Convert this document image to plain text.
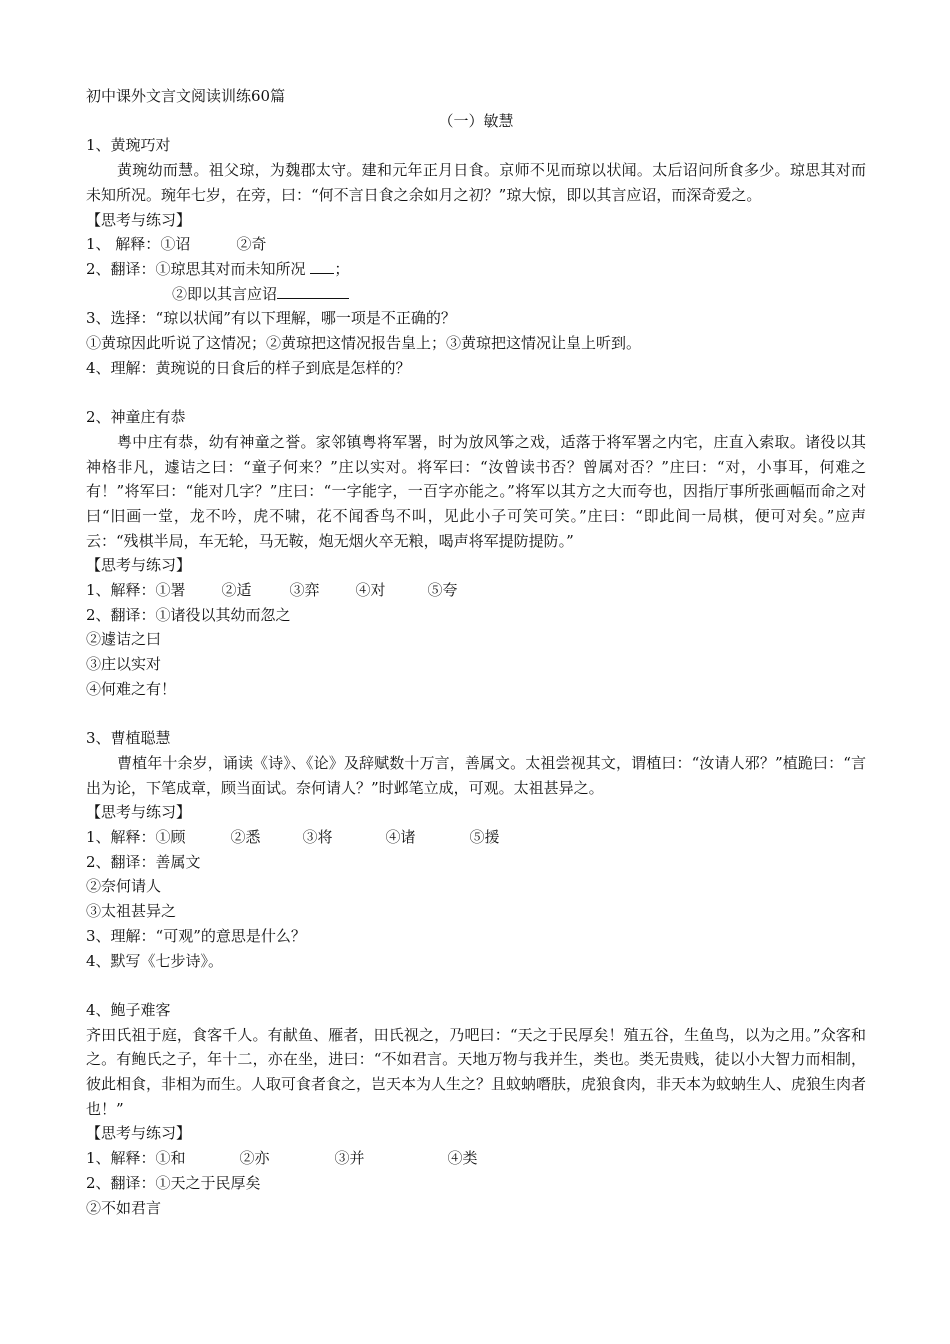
初中课外文言文阅读训练60篇
（一）敏慧
1、黄琬巧对
黄琬幼而慧。祖父琼，为魏郡太守。建和元年正月日食。京师不见而琼以状闻。太后诏问所食多少。琼思其对而未知所况。琬年七岁，在旁，曰：“何不言日食之余如月之初？”琼大惊，即以其言应诏，而深奇爱之。
【思考与练习】
1、 解释：①诏	②奇
2、翻译：①琼思其对而未知所况 ；
②即以其言应诏
3、选择：“琼以状闻”有以下理解，哪一项是不正确的？
①黄琼因此听说了这情况；②黄琼把这情况报告皇上；③黄琼把这情况让皇上听到。
4、理解：黄琬说的日食后的样子到底是怎样的？
2、神童庄有恭
粤中庄有恭，幼有神童之誉。家邻镇粤将军署，时为放风筝之戏，适落于将军署之内宅，庄直入索取。诸役以其神格非凡，遽诘之曰：“童子何来？”庄以实对。将军曰：“汝曾读书否？曾属对否？”庄曰：“对，小事耳，何难之有！”将军曰：“能对几字？”庄曰：“一字能字，一百字亦能之。”将军以其方之大而夸也，因指厅事所张画幅而命之对曰“旧画一堂，龙不吟，虎不啸，花不闻香鸟不叫，见此小子可笑可笑。”庄曰：“即此间一局棋，便可对矣。”应声云：“残棋半局，车无轮，马无鞍，炮无烟火卒无粮，喝声将军提防提防。”
【思考与练习】
1、解释：①署 ②适	③弈 ④对	⑤夸
2、翻译：①诸役以其幼而忽之
②遽诘之曰
③庄以实对
④何难之有！
3、曹植聪慧
曹植年十余岁，诵读《诗》、《论》及辞赋数十万言，善属文。太祖尝视其文，谓植曰：“汝请人邪？”植跪曰：“言出为论，下笔成章，顾当面试。奈何请人？”时邺笔立成，可观。太祖甚异之。
【思考与练习】
1、解释：①顾	②悉	③将	④诸	⑤援
2、翻译：善属文
②奈何请人
③太祖甚异之
3、理解：“可观”的意思是什么？
4、默写《七步诗》。
4、鲍子难客
齐田氏祖于庭，食客千人。有献鱼、雁者，田氏视之，乃吧曰：“天之于民厚矣！殖五谷，生鱼鸟，以为之用。”众客和之。有鲍氏之子，年十二，亦在坐，进曰：“不如君言。天地万物与我并生，类也。类无贵贱，徒以小大智力而相制，彼此相食，非相为而生。人取可食者食之，岂天本为人生之？且蚊蚋噆肤，虎狼食肉，非天本为蚊蚋生人、虎狼生肉者也！”
【思考与练习】
1、解释：①和	②亦	③并	④类
2、翻译：①天之于民厚矣
②不如君言
